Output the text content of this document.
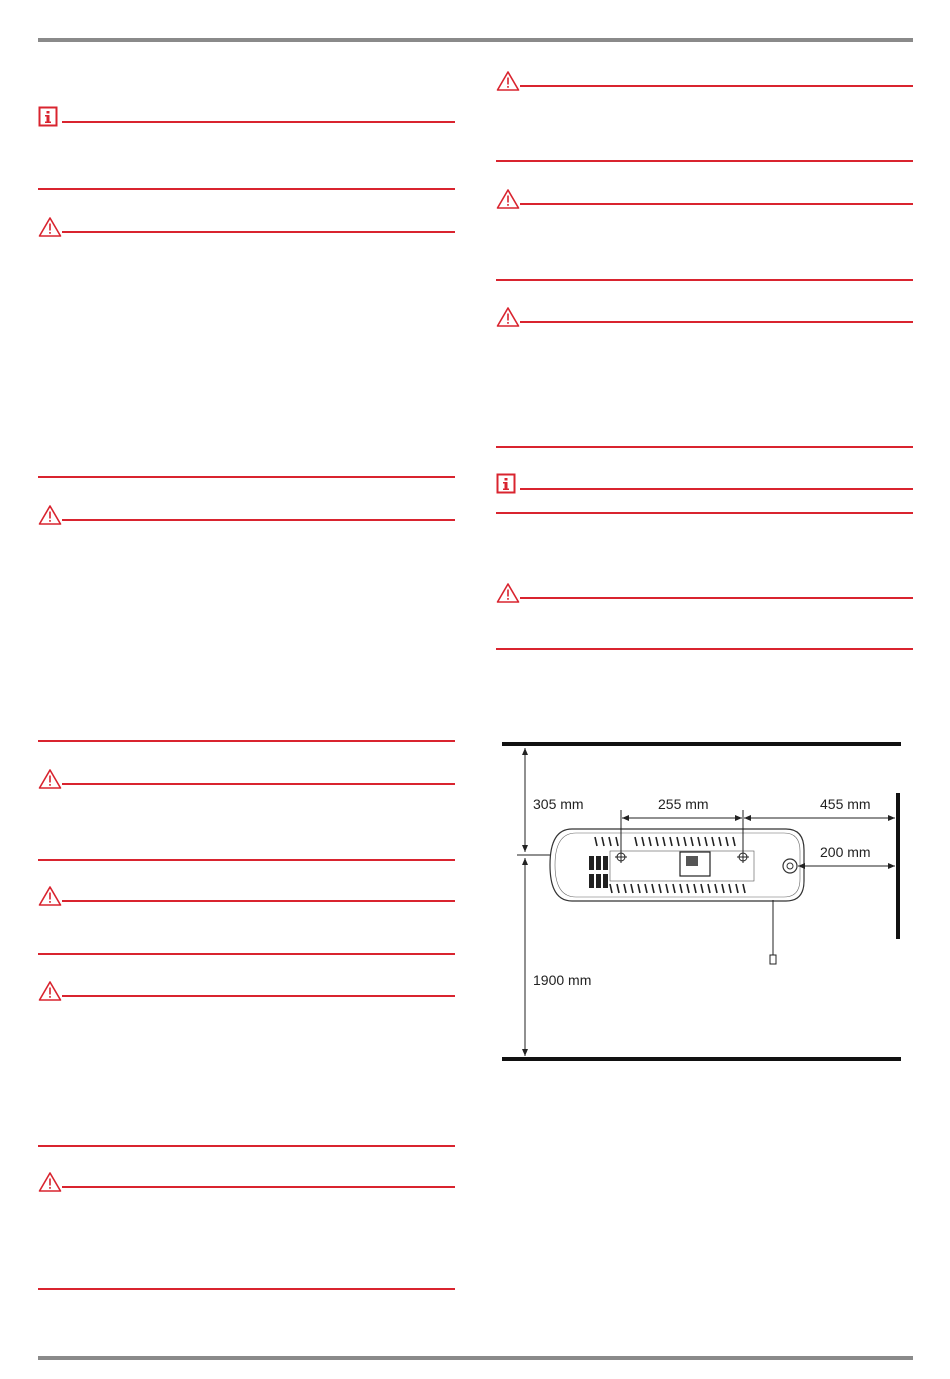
305 mm	255 mm	455 mm
200 mm
1900 mm
